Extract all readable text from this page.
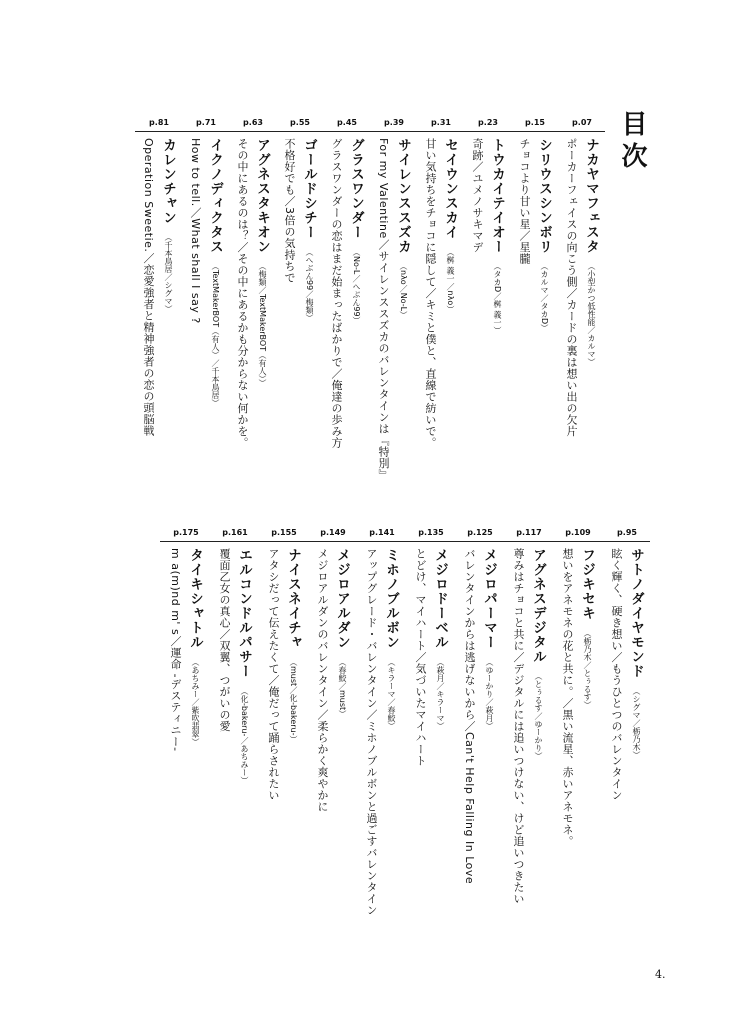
目次
p.07
ナカヤマフェスタ（小型かつ低性能／カルマ）
ポーカーフェイスの向こう側／カードの裏は想い出の欠片
p.15
シリウスシンボリ（カルマ／タカD）
チョコより甘い星／星朧
p.23
トウカイテイオー（タカD／桝 義一）
奇跡／ユメノサキマデ
p.31
セイウンスカイ（桝 義一／nλo）
甘い気持ちをチョコに隠して／キミと僕と、直線で紡いで。
p.39
サイレンススズカ（nλo／No-L）
For my Valentine／サイレンススズカのバレンタインは『特別』
p.45
グラスワンダー（No-L／へぶん99）
グラスワンダーの恋はまだ始まったばかりで／俺達の歩み方
p.55
ゴールドシチー（へぶん99／梅類）
不格好でも／3倍の気持ちで
p.63
アグネスタキオン（梅類／TextMakerBOT（有人））
その中にあるのは？／その中にあるかも分からない何かを。
p.71
イクノディクタス（TextMakerBOT（有人）／千本鳥居）
How to tell.／What shall I say ?
p.81
カレンチャン（千本鳥居／シグマ）
Operation Sweetie.／恋愛強者と精神強者の恋の頭脳戦
p.95
サトノダイヤモンド（シグマ／栃乃木）
眩く輝く、硬き想い／もうひとつのバレンタイン
p.109
フジキセキ（栃乃木／とぅるす）
想いをアネモネの花と共に。／黒い流星、赤いアネモネ。
p.117
アグネスデジタル（とぅるす／ゆーかり）
尊みはチョコと共に／デジタルには追いつけない、けど追いつきたい
p.125
メジロパーマー（ゆーかり／萩月）
バレンタインからは逃げないから／Can't Help Falling In Love
p.135
メジロドーベル（萩月／キラーマ）
とどけ、マイハート／気づいたマイハート
p.141
ミホノブルボン（キラーマ／春鮫）
アップグレード・バレンタイン／ミホノブルボンと過ごすバレンタイン
p.149
メジロアルダン（春鮫／must）
メジロアルダンのバレンタイン／柔らかく爽やかに
p.155
ナイスネイチャ（must／化-bakeru-）
アタシだって伝えたくて／俺だって踊らされたい
p.161
エルコンドルパサー（化-bakeru-／あちみー）
覆面乙女の真心／双翼、つがいの愛
p.175
タイキシャトル（あちみー／紫吹翡翠）
m a(m)nd m' s／運命 -デスティニー-
4.
